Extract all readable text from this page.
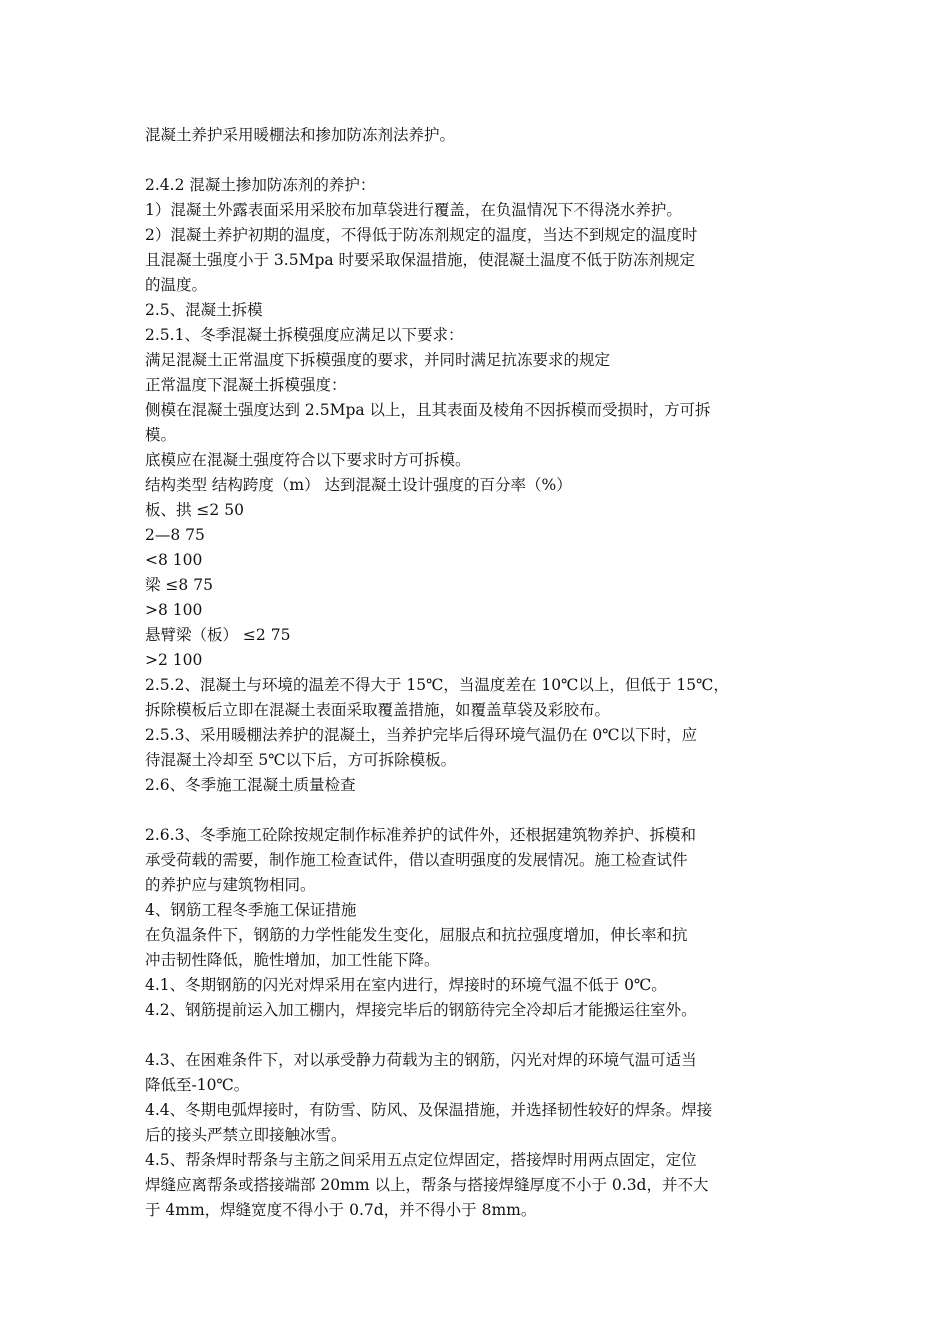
混凝土养护采用暖棚法和掺加防冻剂法养护。
2.4.2 混凝土掺加防冻剂的养护：
1）混凝土外露表面采用采胶布加草袋进行覆盖，在负温情况下不得浇水养护。
2）混凝土养护初期的温度，不得低于防冻剂规定的温度，当达不到规定的温度时
且混凝土强度小于 3.5Mpa 时要采取保温措施，使混凝土温度不低于防冻剂规定
的温度。
2.5、混凝土拆模
2.5.1、冬季混凝土拆模强度应满足以下要求：
满足混凝土正常温度下拆模强度的要求，并同时满足抗冻要求的规定
正常温度下混凝土拆模强度：
侧模在混凝土强度达到 2.5Mpa 以上，且其表面及棱角不因拆模而受损时，方可拆
模。
底模应在混凝土强度符合以下要求时方可拆模。
结构类型 结构跨度（m） 达到混凝土设计强度的百分率（%）
板、拱 ≤2 50
2—8 75
<8 100
梁 ≤8 75
>8 100
悬臂梁（板） ≤2 75
>2 100
2.5.2、混凝土与环境的温差不得大于 15℃，当温度差在 10℃以上，但低于 15℃，
拆除模板后立即在混凝土表面采取覆盖措施，如覆盖草袋及彩胶布。
2.5.3、采用暖棚法养护的混凝土，当养护完毕后得环境气温仍在 0℃以下时，应
待混凝土冷却至 5℃以下后，方可拆除模板。
2.6、冬季施工混凝土质量检查
2.6.3、冬季施工砼除按规定制作标准养护的试件外，还根据建筑物养护、拆模和
承受荷载的需要，制作施工检查试件，借以查明强度的发展情况。施工检查试件
的养护应与建筑物相同。
4、钢筋工程冬季施工保证措施
在负温条件下，钢筋的力学性能发生变化，屈服点和抗拉强度增加，伸长率和抗
冲击韧性降低，脆性增加，加工性能下降。
4.1、冬期钢筋的闪光对焊采用在室内进行，焊接时的环境气温不低于 0℃。
4.2、钢筋提前运入加工棚内，焊接完毕后的钢筋待完全冷却后才能搬运往室外。
4.3、在困难条件下，对以承受静力荷载为主的钢筋，闪光对焊的环境气温可适当
降低至-10℃。
4.4、冬期电弧焊接时，有防雪、防风、及保温措施，并选择韧性较好的焊条。焊接
后的接头严禁立即接触冰雪。
4.5、帮条焊时帮条与主筋之间采用五点定位焊固定，搭接焊时用两点固定，定位
焊缝应离帮条或搭接端部 20mm 以上，帮条与搭接焊缝厚度不小于 0.3d，并不大
于 4mm，焊缝宽度不得小于 0.7d，并不得小于 8mm。
